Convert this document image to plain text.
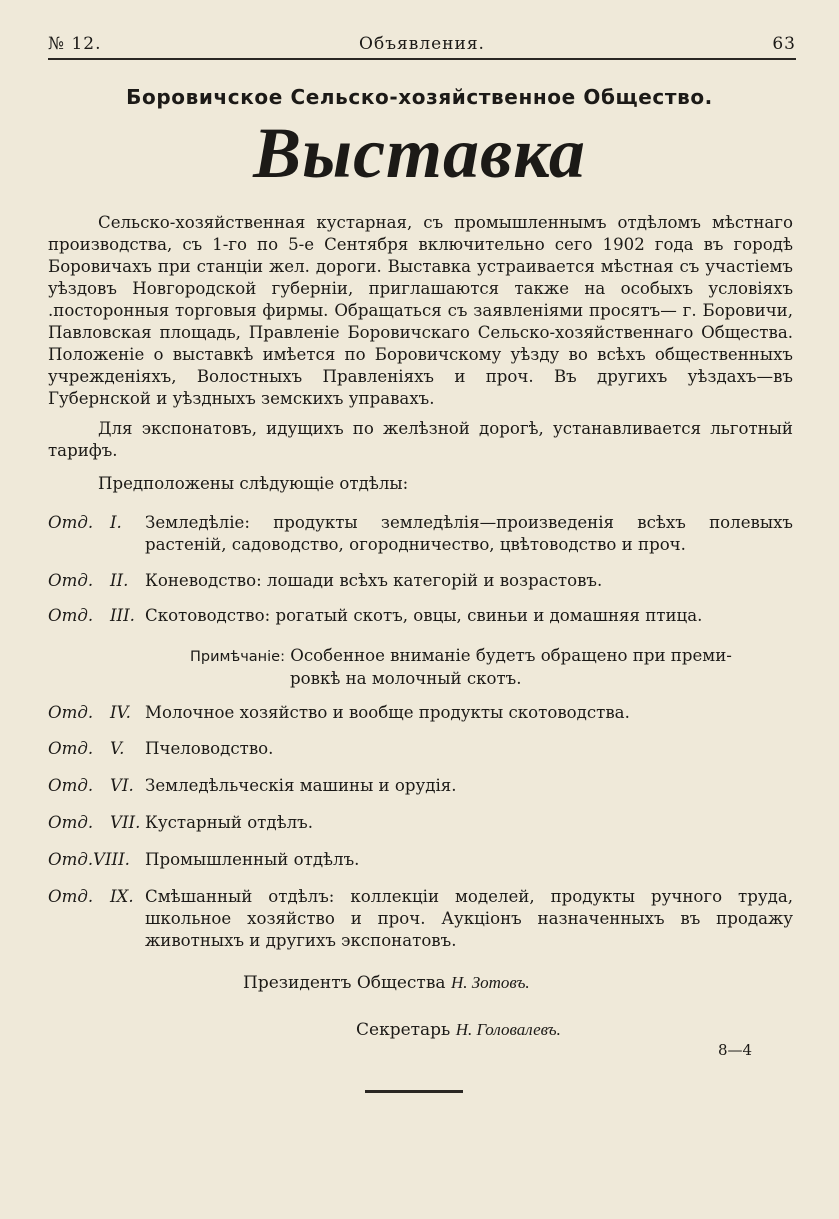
№ 12.	Объявления.	63
Боровичское Сельско-хозяйственное Общество.
Выставка
Сельско-хозяйственная кустарная, съ промышленнымъ отдѣломъ мѣстнаго производства, съ 1-го по 5-е Сентября включительно сего 1902 года въ городѣ Боровичахъ при станціи жел. дороги. Выставка устраивается мѣстная съ участіемъ уѣздовъ Новгородской губерніи, приглашаются также на особыхъ условіяхъ .посторонныя торговыя фирмы. Обращаться съ заявленіями просятъ— г. Боровичи, Павловская площадь, Правленіе Боровичскаго Сельско-хозяйственнаго Общества. Положеніе о выставкѣ имѣется по Боровичскому уѣзду во всѣхъ общественныхъ учрежденіяхъ, Волостныхъ Правленіяхъ и проч. Въ другихъ уѣздахъ—въ Губернской и уѣздныхъ земскихъ управахъ.
Для экспонатовъ, идущихъ по желѣзной дорогѣ, устанавливается льготный тарифъ.
Предположены слѣдующіе отдѣлы:
Отд. I. Земледѣліе: продукты земледѣлія—произведенія всѣхъ полевыхъ растеній, садоводство, огородничество, цвѣтоводство и проч.
Отд. II. Коневодство: лошади всѣхъ категорій и возрастовъ.
Отд. III. Скотоводство: рогатый скотъ, овцы, свиньи и домашняя птица.
Примѣчаніе: Особенное вниманіе будетъ обращено при преми-
ровкѣ на молочный скотъ.
Отд. IV. Молочное хозяйство и вообще продукты скотоводства.
Отд. V. Пчеловодство.
Отд. VI. Земледѣльческія машины и орудія.
Отд. VII. Кустарный отдѣлъ.
Отд. VIII. Промышленный отдѣлъ.
Отд. IX. Смѣшанный отдѣлъ: коллекціи моделей, продукты ручного труда, школьное хозяйство и проч. Аукціонъ назначенныхъ въ продажу животныхъ и другихъ экспонатовъ.
Президентъ Общества Н. Зотовъ.
Секретарь Н. Головалевъ.
8—4
